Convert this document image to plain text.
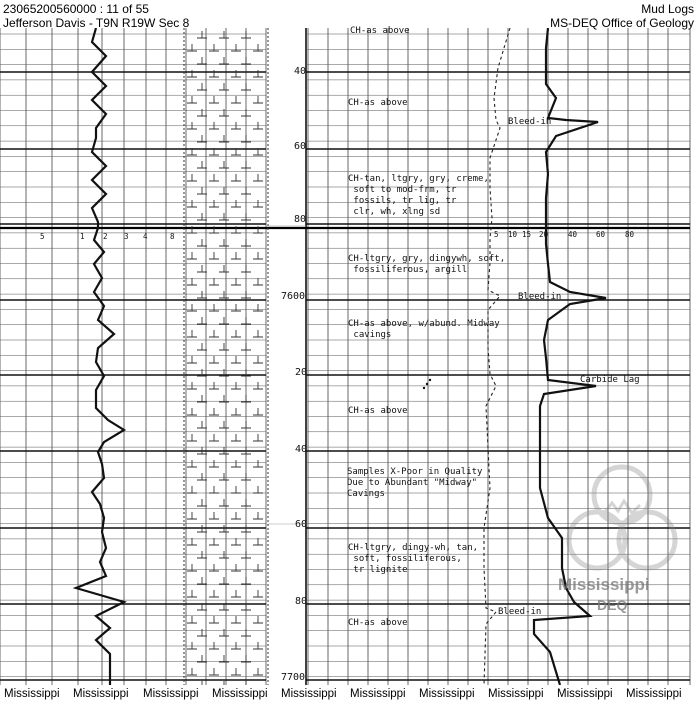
23065200560000 : 11 of 55
Jefferson Davis - T9N R19W Sec 8
Mud Logs
MS-DEQ Office of Geology
40
60
80
7600
20
40
60
80
7700
5	1 2 3 4	8	5 10 15 20	40	60	80
CH-as above
CH-as above
CH-tan, ltgry, gry, creme,
soft to mod-frm, tr
fossils, tr lig, tr
clr, wh, xlng sd
CH-ltgry, gry, dingywh, soft,
fossiliferous, argill
CH-as above, w/abund. Midway
cavings
CH-as above
Samples X-Poor in Quality
Due to Abundant "Midway"
Cavings
CH-ltgry, dingy-wh, tan,
soft, fossiliferous,
tr lignite
CH-as above
Bleed-in
Bleed-in
Carbide Lag
Bleed-in
Mississippi
DEQ
Mississippi Mississippi Mississippi Mississippi Mississippi Mississippi Mississippi Mississippi Mississippi Mississippi
